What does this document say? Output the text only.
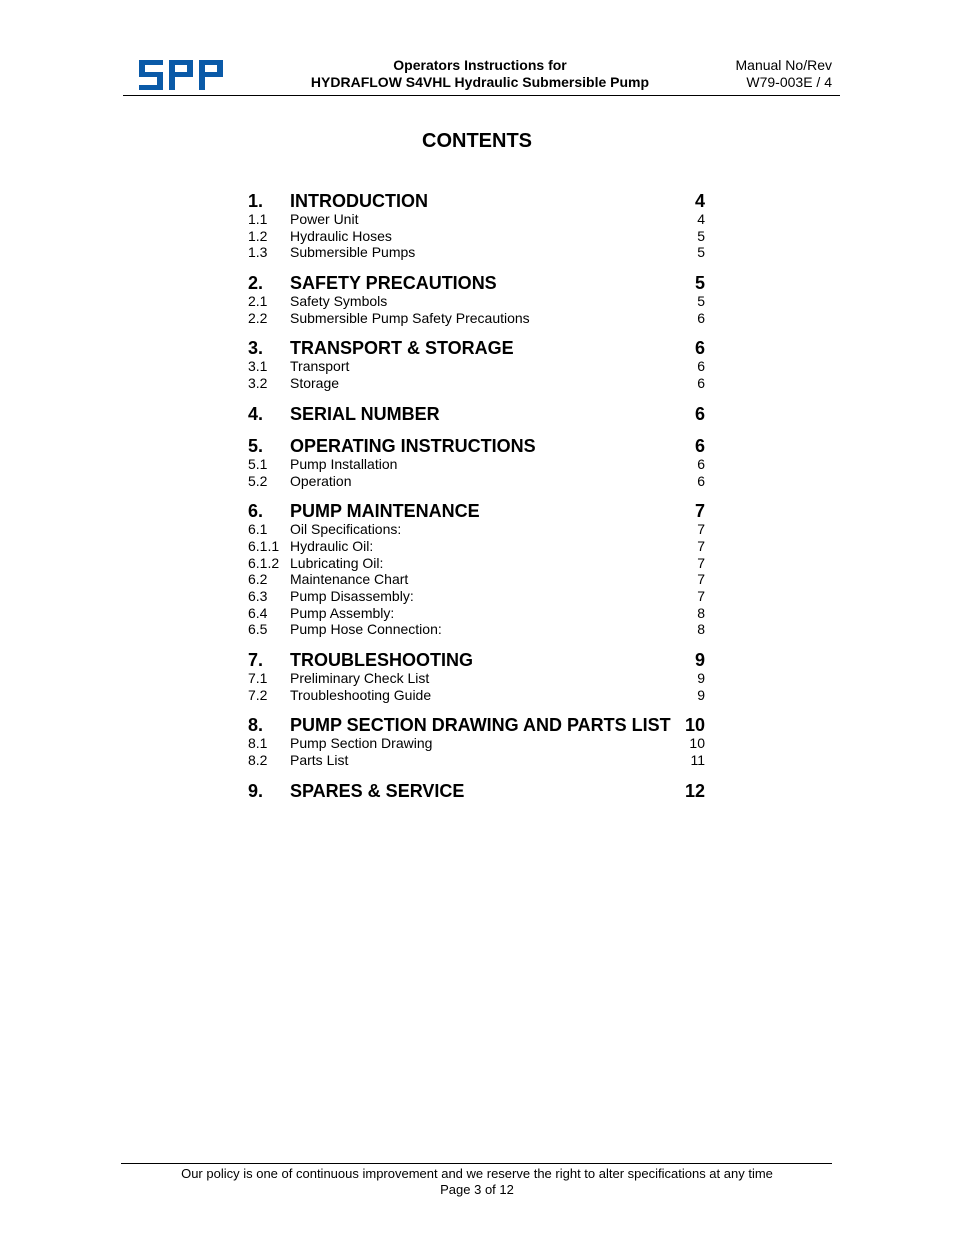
Operators Instructions for
HYDRAFLOW S4VHL Hydraulic Submersible Pump
Manual No/Rev
W79-003E / 4
CONTENTS
1.	INTRODUCTION	4
1.1	Power Unit	4
1.2	Hydraulic Hoses	5
1.3	Submersible Pumps	5
2.	SAFETY PRECAUTIONS	5
2.1	Safety Symbols	5
2.2	Submersible Pump Safety Precautions	6
3.	TRANSPORT & STORAGE	6
3.1	Transport	6
3.2	Storage	6
4.	SERIAL NUMBER	6
5.	OPERATING INSTRUCTIONS	6
5.1	Pump Installation	6
5.2	Operation	6
6.	PUMP MAINTENANCE	7
6.1	Oil Specifications:	7
6.1.1 Hydraulic Oil:	7
6.1.2 Lubricating Oil:	7
6.2	Maintenance Chart	7
6.3	Pump Disassembly:	7
6.4	Pump Assembly:	8
6.5	Pump Hose Connection:	8
7.	TROUBLESHOOTING	9
7.1	Preliminary Check List	9
7.2	Troubleshooting Guide	9
8.	PUMP SECTION DRAWING AND PARTS LIST 10
8.1	Pump Section Drawing	10
8.2	Parts List	11
9.	SPARES & SERVICE	12
Our policy is one of continuous improvement and we reserve the right to alter specifications at any time
Page 3 of 12
